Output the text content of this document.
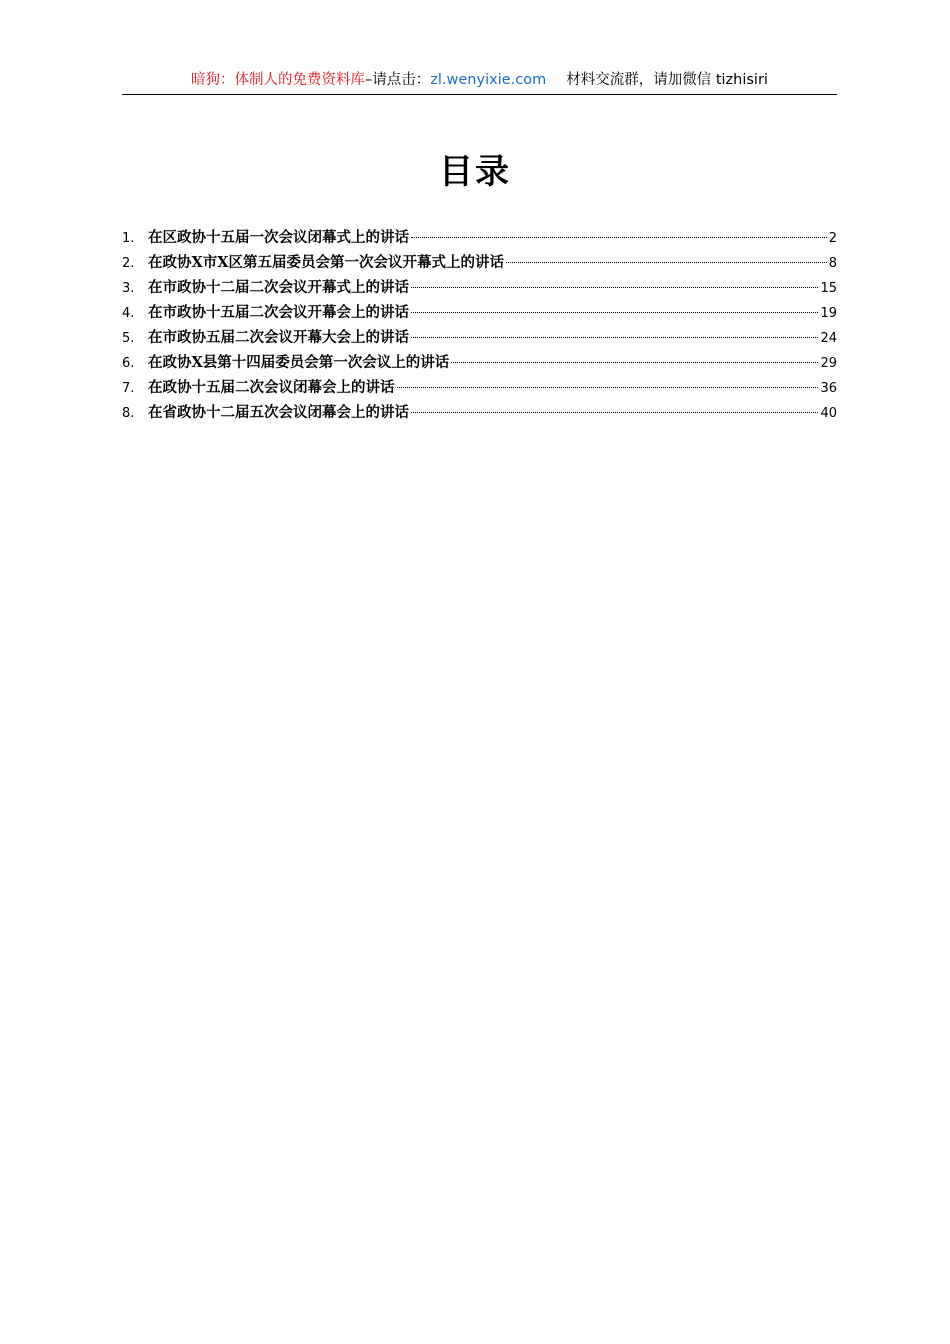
暗狗：体制人的免费资料库–请点击：zl.wenyixie.com 材料交流群，请加微信 tizhisiri
目录
1. 在区政协十五届一次会议闭幕式上的讲话	2
2. 在政协X市X区第五届委员会第一次会议开幕式上的讲话	8
3. 在市政协十二届二次会议开幕式上的讲话	15
4. 在市政协十五届二次会议开幕会上的讲话	19
5. 在市政协五届二次会议开幕大会上的讲话	24
6. 在政协X县第十四届委员会第一次会议上的讲话	29
7. 在政协十五届二次会议闭幕会上的讲话	36
8. 在省政协十二届五次会议闭幕会上的讲话	40
